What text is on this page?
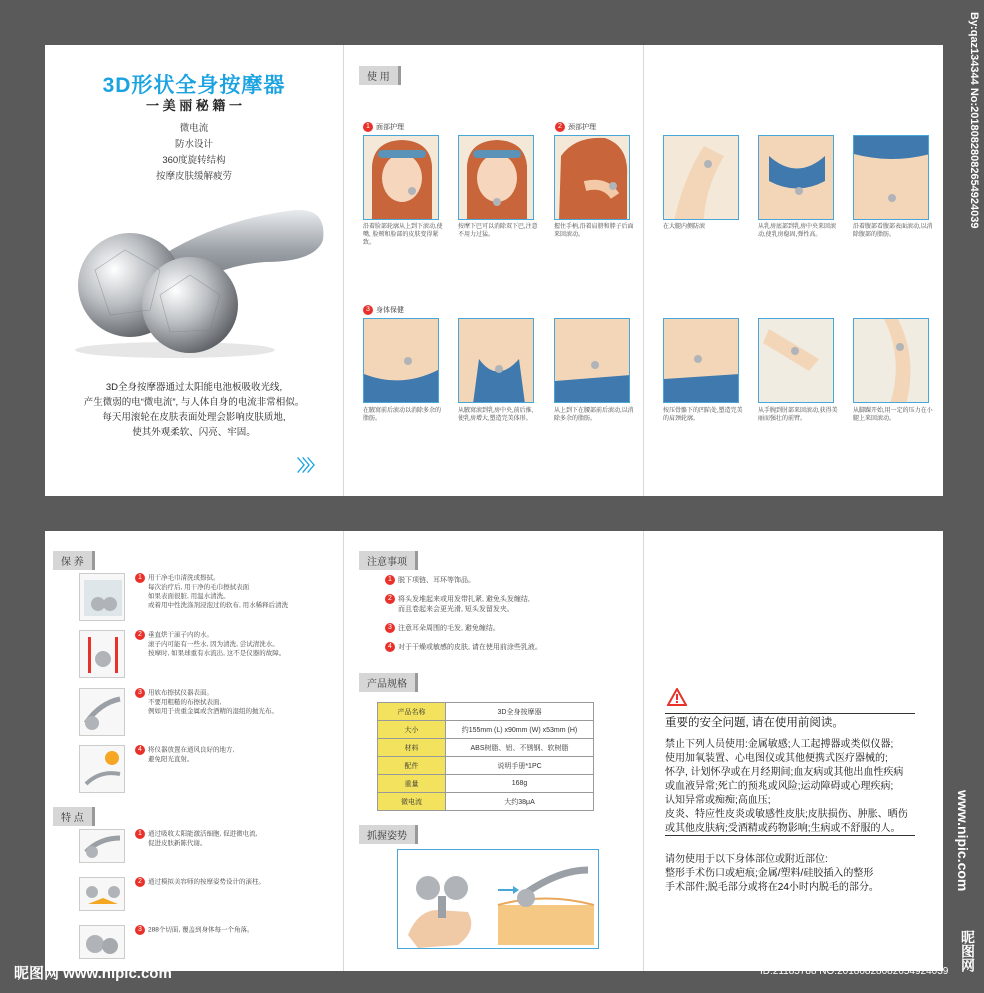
3D形状全身按摩器
一 美 丽 秘 籍 一
微电流
防水设计
360度旋转结构
按摩皮肤缓解疲劳
3D全身按摩器通过太阳能电池板吸收光线,
产生微弱的电“微电流”, 与人体自身的电流非常相似。
每天用滚轮在皮肤表面处理会影响皮肤质地,
使其外观柔软、闪亮、牢固。
〉〉〉
使 用
1 面部护理	2 颈部护理
3 身体保健
沿着脸部轮廓从上到下滚动,使嘴, 脸颊和脸部的皮肤变得紧致。
按摩下巴可以消除双下巴,注意不用力过猛。
握住手柄,沿着肩膀和脖子后面来回滚动。
在大腿内侧防滚	从乳房底部到乳房中央来回滚动,使乳房稳固,弹性高。
沿着腹部看腹部表面滚动,以消除腹部的脂肪。
在腋窝前后滚动以消除多余的脂肪。
从腋窝滚到乳房中央,前后推,使乳房增大,塑造完美体形。
从上到下在腰部前后滚动,以消除多余的脂肪。
按压骨骼下的凹陷处,塑造完美的肩颈轮廓。
从手腕到肘部来回滚动,获得美丽而强壮的前臂。
从脚踝开始,用一定的压力在小腿上来回滚动。
保 养
1 用干净毛巾清洗或擦拭。
每次治疗后, 用干净的毛巾擦拭表面
如果表面很脏, 用温水清洗。
或着用中性洗涤剂浸泡过的软布, 用水稀释后清洗
2 垂直烘干滚子内的水。
滚子内可能有一些水, 因为清洗, 尝试清洗水。
按摩时, 如果球重有水流出, 这不是仪器的故障。
3 用软布擦拭仪器表面。
不要用粗糙的布擦拭表面,
例如用于贵重金属或含酒精的湿组的抛光布。
4 将仪器放置在通风良好的地方,
避免阳光直射。
特 点
1 通过吸收太阳能激活细胞, 促进微电流,
促进皮肤新陈代谢。
2 通过模拟美容师的按摩姿势设计的滚柱。
3 288个切面, 覆盖到身体每一个角落。
注意事项
1 脱下项链、耳环等饰品。
2 将头发堆起来或用发带扎紧, 避免头发缠结,
而且卷起来会更光滑, 短头发留发夹。
3 注意耳朵周围的毛发, 避免缠结。
4 对于干燥或敏感的皮肤, 请在使用前涂些乳液。
产品规格
产品名称	3D全身按摩器
大小	约155mm (L) x90mm (W) x53mm (H)
材料	ABS树脂、铝、不锈钢、软树脂
配件	说明手册*1PC
重量	168g
微电流	大约38μA
抓握姿势
重要的安全问题, 请在使用前阅读。
禁止下列人员使用:金属敏感;人工起搏器或类似仪器;
使用加氧装置、心电图仪或其他便携式医疗器械的;
怀孕, 计划怀孕或在月经期间;血友病或其他出血性疾病
或血液异常;死亡的预兆或风险;运动障碍或心理疾病;
认知异常或痴痴;高血压;
皮炎、特应性皮炎或敏感性皮肤;皮肤损伤、肿胀、晒伤
或其他皮肤病;受酒精或药物影响;生病或不舒服的人。
请勿使用于以下身体部位或附近部位:
整形手术伤口或疤痕;金属/塑料/硅胶插入的整形
手术部件;脱毛部分或将在24小时内脱毛的部分。
By:qaz134344 No:20180828082654924039
www.nipic.com
昵图网
昵图网 www.nipic.com	ID:21185788 NO:20180828082654924039
